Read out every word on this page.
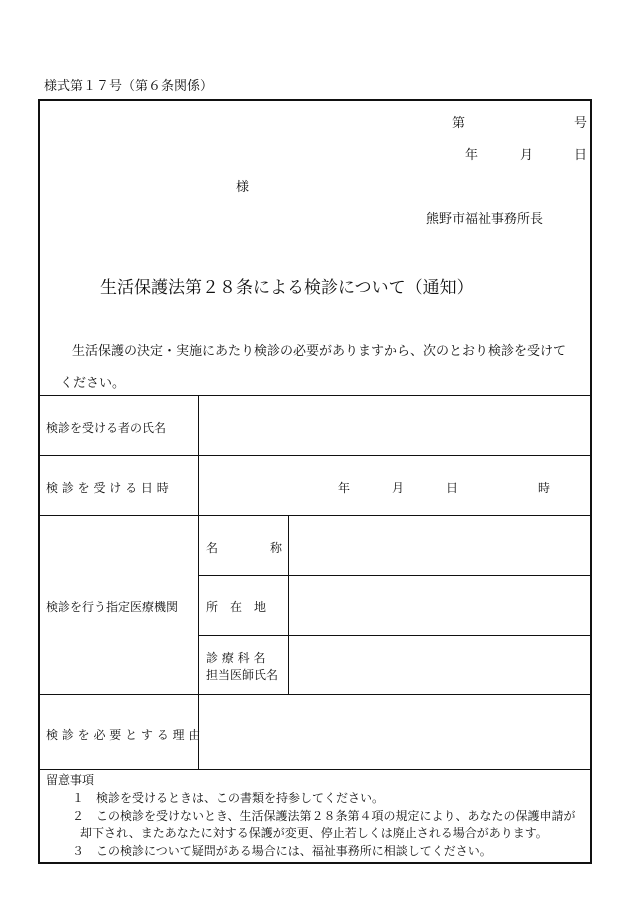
様式第１７号（第６条関係）
第	号
年	月	日
様
熊野市福祉事務所長
生活保護法第２８条による検診について（通知）
生活保護の決定・実施にあたり検診の必要がありますから、次のとおり検診を受けて
ください。
検診を受ける者の氏名
検 診 を 受 け る 日 時	年	月	日	時
検診を行う指定医療機関
名	称
所　在　地
診 療 科 名
担当医師氏名
検 診 を 必 要 と す る 理 由
留意事項
１　検診を受けるときは、この書類を持参してください。
２　この検診を受けないとき、生活保護法第２８条第４項の規定により、あなたの保護申請が
却下され、またあなたに対する保護が変更、停止若しくは廃止される場合があります。
３　この検診について疑問がある場合には、福祉事務所に相談してください。
